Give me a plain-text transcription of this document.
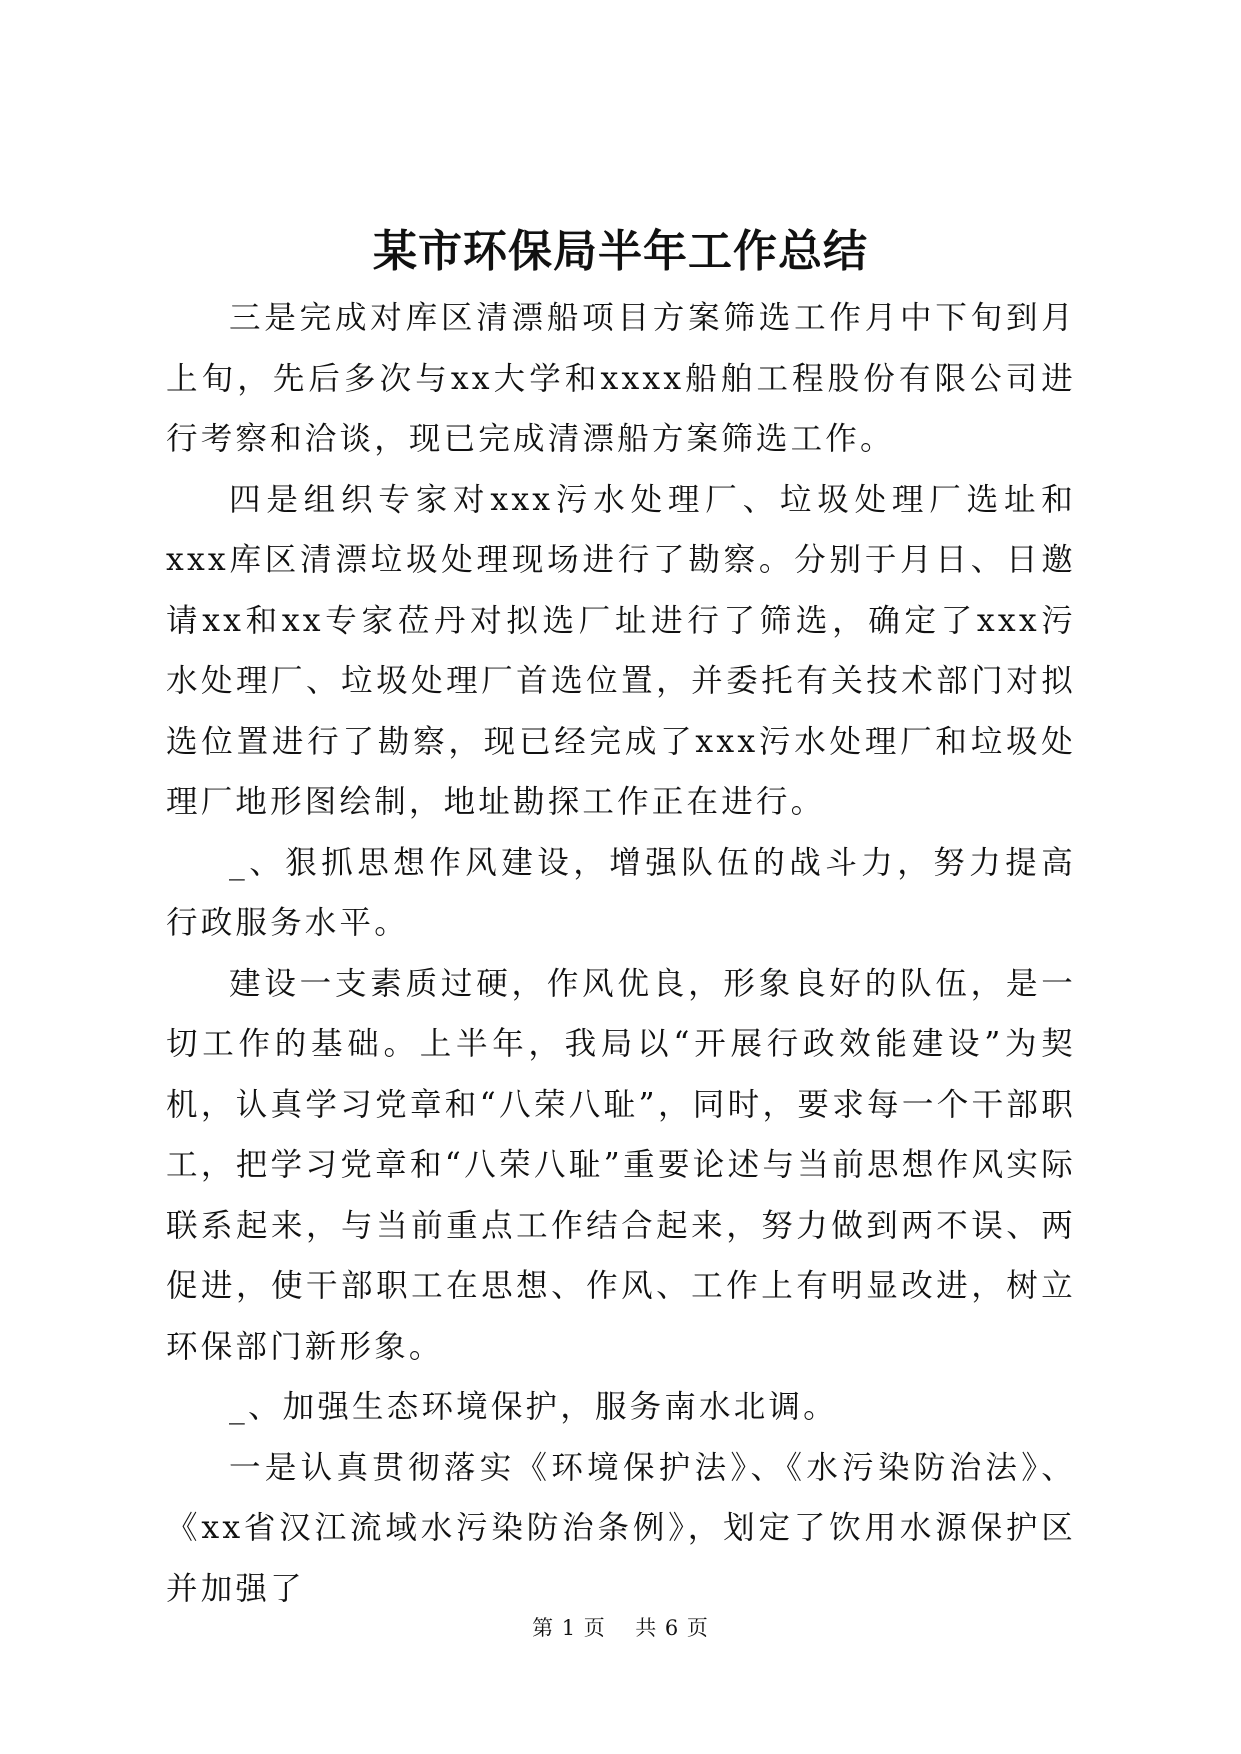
某市环保局半年工作总结

三是完成对库区清漂船项目方案筛选工作月中下旬到月上旬，先后多次与xx大学和xxxx船舶工程股份有限公司进行考察和洽谈，现已完成清漂船方案筛选工作。

四是组织专家对xxx污水处理厂、垃圾处理厂选址和xxx库区清漂垃圾处理现场进行了勘察。分别于月日、日邀请xx和xx专家莅丹对拟选厂址进行了筛选，确定了xxx污水处理厂、垃圾处理厂首选位置，并委托有关技术部门对拟选位置进行了勘察，现已经完成了xxx污水处理厂和垃圾处理厂地形图绘制，地址勘探工作正在进行。

_、狠抓思想作风建设，增强队伍的战斗力，努力提高行政服务水平。

建设一支素质过硬，作风优良，形象良好的队伍，是一切工作的基础。上半年，我局以“开展行政效能建设”为契机，认真学习党章和“八荣八耻”，同时，要求每一个干部职工，把学习党章和“八荣八耻”重要论述与当前思想作风实际联系起来，与当前重点工作结合起来，努力做到两不误、两促进，使干部职工在思想、作风、工作上有明显改进，树立环保部门新形象。

_、加强生态环境保护，服务南水北调。

一是认真贯彻落实《环境保护法》、《水污染防治法》、《xx省汉江流域水污染防治条例》，划定了饮用水源保护区并加强了

第 1 页 共 6 页
